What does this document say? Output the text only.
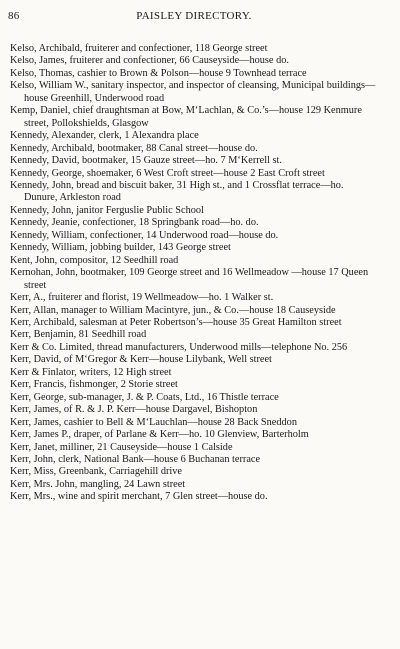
86	PAISLEY DIRECTORY.

Kelso, Archibald, fruiterer and confectioner, 118 George street

Kelso, James, fruiterer and confectioner, 66 Causeyside—house do.

Kelso, Thomas, cashier to Brown & Polson—house 9 Townhead terrace

Kelso, William W., sanitary inspector, and inspector of cleansing, Municipal buildings—house Greenhill, Underwood road

Kemp, Daniel, chief draughtsman at Bow, M‘Lachlan, & Co.’s—house 129 Kenmure street, Pollokshields, Glasgow

Kennedy, Alexander, clerk, 1 Alexandra place

Kennedy, Archibald, bootmaker, 88 Canal street—house do.

Kennedy, David, bootmaker, 15 Gauze street—ho. 7 M‘Kerrell st.

Kennedy, George, shoemaker, 6 West Croft street—house 2 East Croft street

Kennedy, John, bread and biscuit baker, 31 High st., and 1 Crossflat terrace—ho. Dunure, Arkleston road

Kennedy, John, janitor Ferguslie Public School

Kennedy, Jeanie, confectioner, 18 Springbank road—ho. do.

Kennedy, William, confectioner, 14 Underwood road—house do.

Kennedy, William, jobbing builder, 143 George street

Kent, John, compositor, 12 Seedhill road

Kernohan, John, bootmaker, 109 George street and 16 Wellmeadow —house 17 Queen street

Kerr, A., fruiterer and florist, 19 Wellmeadow—ho. 1 Walker st.

Kerr, Allan, manager to William Macintyre, jun., & Co.—house 18 Causeyside

Kerr, Archibald, salesman at Peter Robertson’s—house 35 Great Hamilton street

Kerr, Benjamin, 81 Seedhill road

Kerr & Co. Limited, thread manufacturers, Underwood mills—telephone No. 256

Kerr, David, of M‘Gregor & Kerr—house Lilybank, Well street

Kerr & Finlator, writers, 12 High street

Kerr, Francis, fishmonger, 2 Storie street

Kerr, George, sub-manager, J. & P. Coats, Ltd., 16 Thistle terrace

Kerr, James, of R. & J. P. Kerr—house Dargavel, Bishopton

Kerr, James, cashier to Bell & M‘Lauchlan—house 28 Back Sneddon

Kerr, James P., draper, of Parlane & Kerr—ho. 10 Glenview, Barterholm

Kerr, Janet, milliner, 21 Causeyside—house 1 Calside

Kerr, John, clerk, National Bank—house 6 Buchanan terrace

Kerr, Miss, Greenbank, Carriagehill drive

Kerr, Mrs. John, mangling, 24 Lawn street

Kerr, Mrs., wine and spirit merchant, 7 Glen street—house do.
